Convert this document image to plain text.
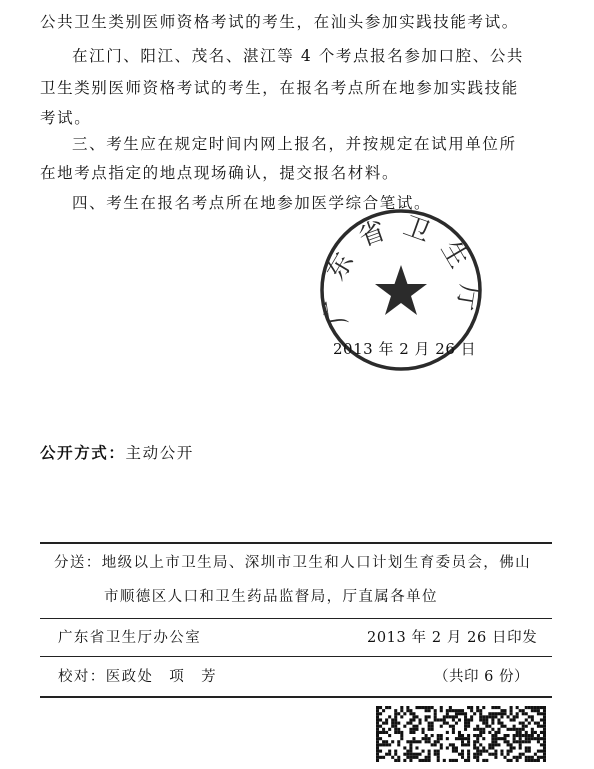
公共卫生类别医师资格考试的考生，在汕头参加实践技能考试。
在江门、阳江、茂名、湛江等 4 个考点报名参加口腔、公共
卫生类别医师资格考试的考生，在报名考点所在地参加实践技能
考试。
三、考生应在规定时间内网上报名，并按规定在试用单位所
在地考点指定的地点现场确认，提交报名材料。
四、考生在报名考点所在地参加医学综合笔试。
广东省卫生厅
2013 年 2 月 26 日
公开方式：主动公开
分送：地级以上市卫生局、深圳市卫生和人口计划生育委员会，佛山
市顺德区人口和卫生药品监督局，厅直属各单位
广东省卫生厅办公室	2013 年 2 月 26 日印发
校对：医政处　项　芳	（共印 6 份）
